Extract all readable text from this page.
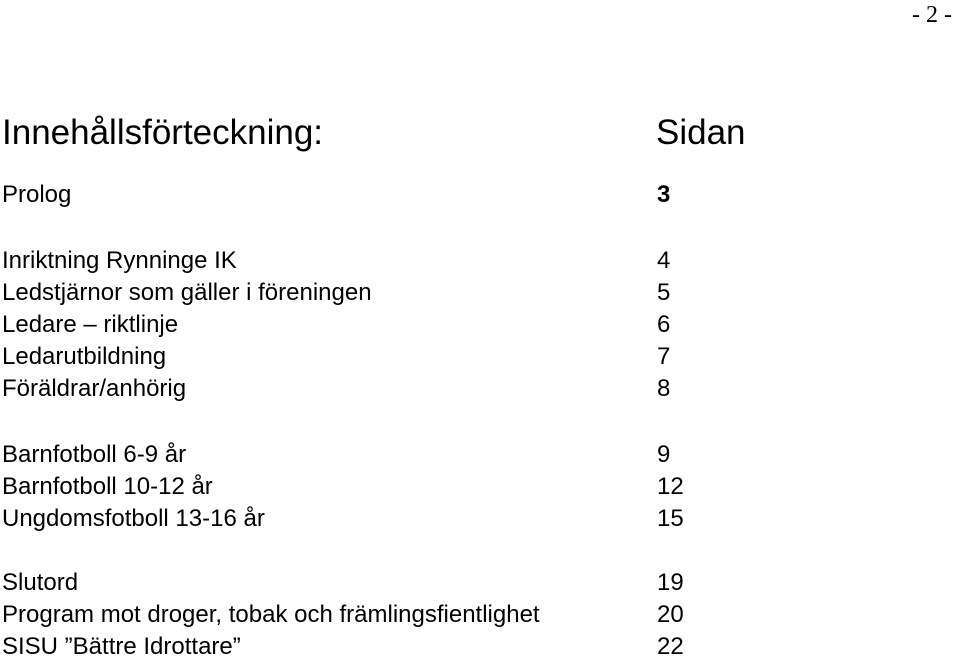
- 2 -
Innehållsförteckning:	Sidan
Prolog	3
Inriktning Rynninge IK	4
Ledstjärnor som gäller i föreningen	5
Ledare – riktlinje	6
Ledarutbildning	7
Föräldrar/anhörig	8
Barnfotboll 6-9 år	9
Barnfotboll 10-12 år	12
Ungdomsfotboll 13-16 år	15
Slutord	19
Program mot droger, tobak och främlingsfientlighet	20
SISU ”Bättre Idrottare”	22
